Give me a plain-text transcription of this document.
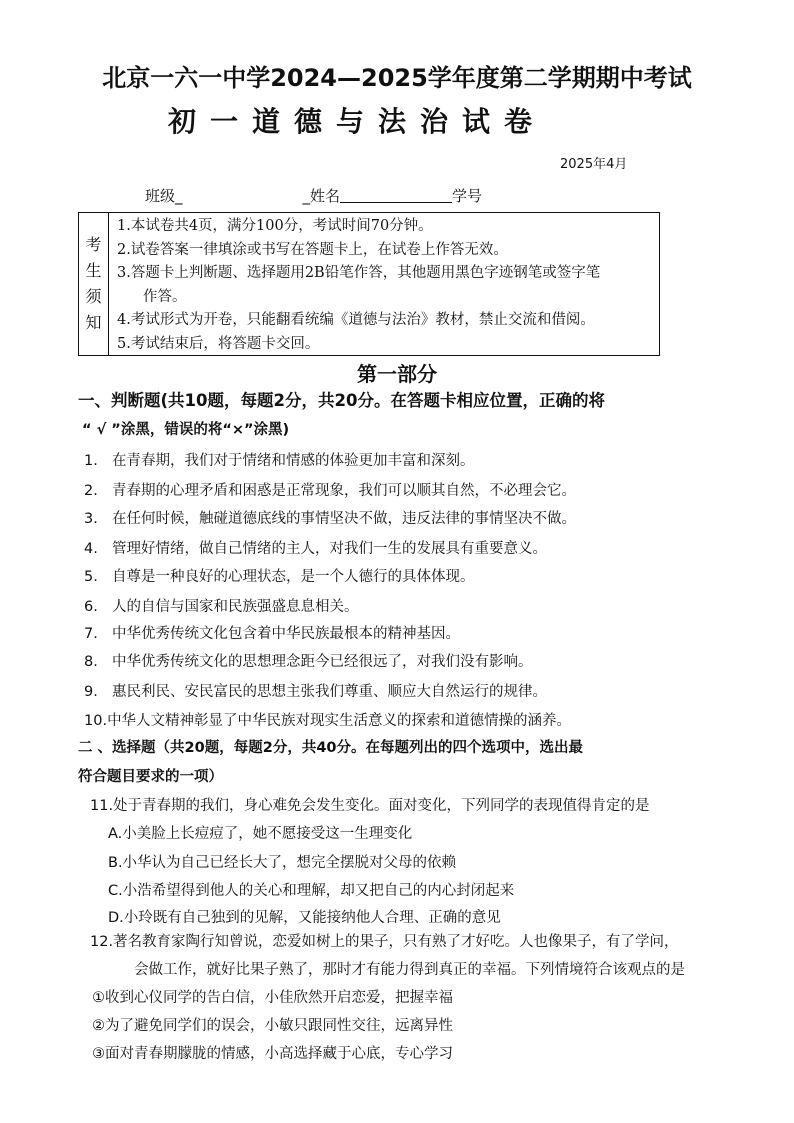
北京一六一中学2024—2025学年度第二学期期中考试
初一道德与法治试卷
2025年4月
班级_	_姓名	学号
考
生
须
知
1.本试卷共4页，满分100分，考试时间70分钟。
2.试卷答案一律填涂或书写在答题卡上，在试卷上作答无效。
3.答题卡上判断题、选择题用2B铅笔作答，其他题用黑色字迹钢笔或签字笔
作答。
4.考试形式为开卷，只能翻看统编《道德与法治》教材，禁止交流和借阅。
5.考试结束后，将答题卡交回。
第一部分
一、判断题(共10题，每题2分，共20分。在答题卡相应位置，正确的将
“ √ ”涂黑，错误的将“×”涂黑)
1. 在青春期，我们对于情绪和情感的体验更加丰富和深刻。
2. 青春期的心理矛盾和困惑是正常现象，我们可以顺其自然，不必理会它。
3. 在任何时候，触碰道德底线的事情坚决不做，违反法律的事情坚决不做。
4. 管理好情绪，做自己情绪的主人，对我们一生的发展具有重要意义。
5. 自尊是一种良好的心理状态，是一个人德行的具体体现。
6. 人的自信与国家和民族强盛息息相关。
7. 中华优秀传统文化包含着中华民族最根本的精神基因。
8. 中华优秀传统文化的思想理念距今已经很远了，对我们没有影响。
9. 惠民利民、安民富民的思想主张我们尊重、顺应大自然运行的规律。
10.中华人文精神彰显了中华民族对现实生活意义的探索和道德情操的涵养。
二 、选择题（共20题，每题2分，共40分。在每题列出的四个选项中，选出最
符合题目要求的一项）
11.处于青春期的我们，身心难免会发生变化。面对变化，下列同学的表现值得肯定的是
A.小美脸上长痘痘了，她不愿接受这一生理变化
B.小华认为自己已经长大了，想完全摆脱对父母的依赖
C.小浩希望得到他人的关心和理解，却又把自己的内心封闭起来
D.小玲既有自己独到的见解，又能接纳他人合理、正确的意见
12.著名教育家陶行知曾说，恋爱如树上的果子，只有熟了才好吃。人也像果子，有了学问，
会做工作，就好比果子熟了，那时才有能力得到真正的幸福。下列情境符合该观点的是
①收到心仪同学的告白信，小佳欣然开启恋爱，把握幸福
②为了避免同学们的误会，小敏只跟同性交往，远离异性
③面对青春期朦胧的情感，小高选择藏于心底，专心学习
